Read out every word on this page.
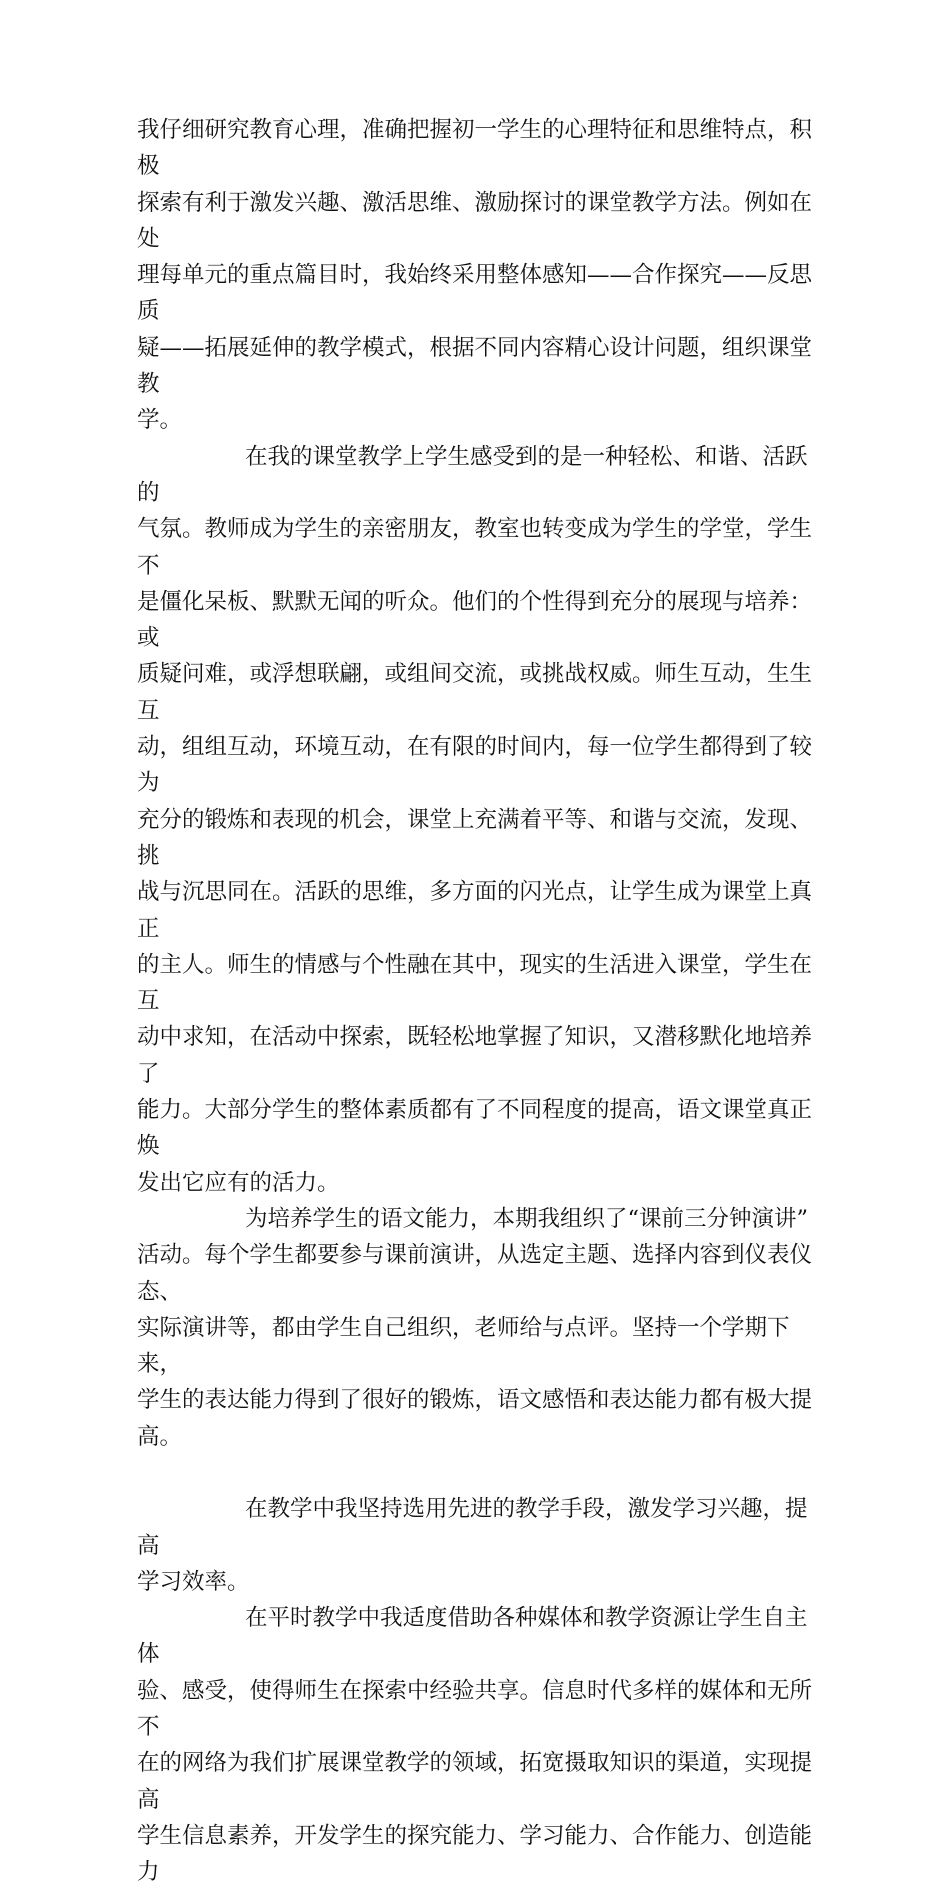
我仔细研究教育心理，准确把握初一学生的心理特征和思维特点，积极
探索有利于激发兴趣、激活思维、激励探讨的课堂教学方法。例如在处
理每单元的重点篇目时，我始终采用整体感知——合作探究——反思质
疑——拓展延伸的教学模式，根据不同内容精心设计问题，组织课堂教
学。

在我的课堂教学上学生感受到的是一种轻松、和谐、活跃的
气氛。教师成为学生的亲密朋友，教室也转变成为学生的学堂，学生不
是僵化呆板、默默无闻的听众。他们的个性得到充分的展现与培养：或
质疑问难，或浮想联翩，或组间交流，或挑战权威。师生互动，生生互
动，组组互动，环境互动，在有限的时间内，每一位学生都得到了较为
充分的锻炼和表现的机会，课堂上充满着平等、和谐与交流，发现、挑
战与沉思同在。活跃的思维，多方面的闪光点，让学生成为课堂上真正
的主人。师生的情感与个性融在其中，现实的生活进入课堂，学生在互
动中求知，在活动中探索，既轻松地掌握了知识，又潜移默化地培养了
能力。大部分学生的整体素质都有了不同程度的提高，语文课堂真正焕
发出它应有的活力。

为培养学生的语文能力，本期我组织了“课前三分钟演讲”
活动。每个学生都要参与课前演讲，从选定主题、选择内容到仪表仪态、
实际演讲等，都由学生自己组织，老师给与点评。坚持一个学期下来，
学生的表达能力得到了很好的锻炼，语文感悟和表达能力都有极大提高。

在教学中我坚持选用先进的教学手段，激发学习兴趣，提高
学习效率。

在平时教学中我适度借助各种媒体和教学资源让学生自主体
验、感受，使得师生在探索中经验共享。信息时代多样的媒体和无所不
在的网络为我们扩展课堂教学的领域，拓宽摄取知识的渠道，实现提高
学生信息素养，开发学生的探究能力、学习能力、合作能力、创造能力
